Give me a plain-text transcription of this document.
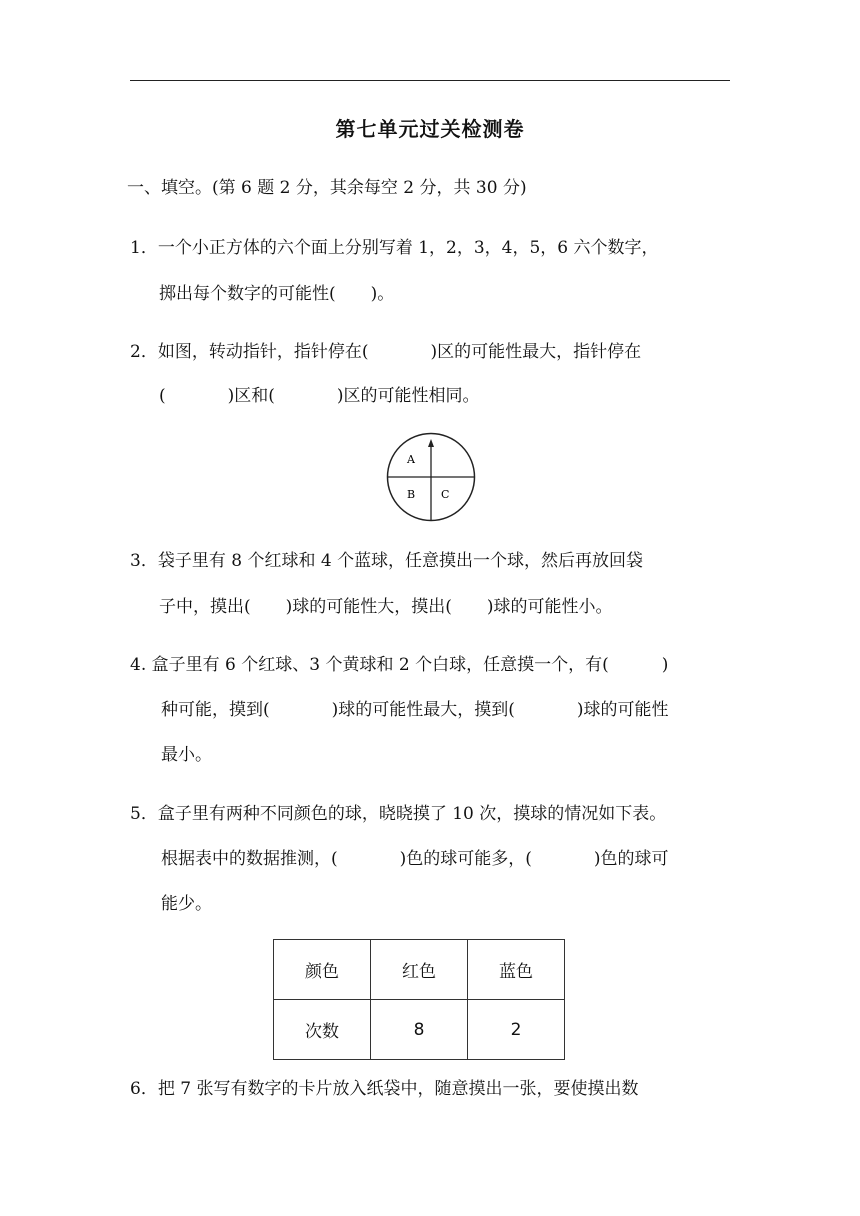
第七单元过关检测卷
一、填空。(第 6 题 2 分，其余每空 2 分，共 30 分)
1．一个小正方体的六个面上分别写着 1，2，3，4，5，6 六个数字，
掷出每个数字的可能性( )。
2．如图，转动指针，指针停在(	)区的可能性最大，指针停在
(	)区和(	)区的可能性相同。
A
B C
3．袋子里有 8 个红球和 4 个蓝球，任意摸出一个球，然后再放回袋
子中，摸出( )球的可能性大，摸出( )球的可能性小。
4. 盒子里有 6 个红球、3 个黄球和 2 个白球，任意摸一个，有(	)
种可能，摸到(	)球的可能性最大，摸到(	)球的可能性
最小。
5．盒子里有两种不同颜色的球，晓晓摸了 10 次，摸球的情况如下表。
根据表中的数据推测，(	)色的球可能多，(	)色的球可
能少。
颜色	红色	蓝色
次数	8	2
6．把 7 张写有数字的卡片放入纸袋中，随意摸出一张，要使摸出数
